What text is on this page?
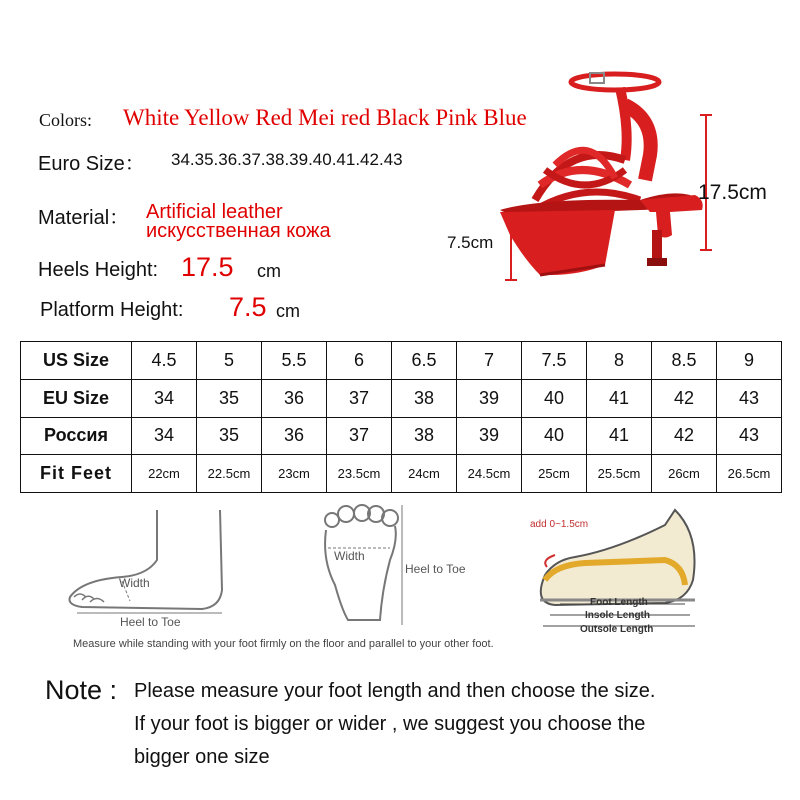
Colors: White Yellow Red Mei red Black Pink Blue
Euro Size： 34.35.36.37.38.39.40.41.42.43
Material： Artificial leather
искусственная кожа
Heels Height: 17.5 cm
Platform Height: 7.5 cm
17.5cm
7.5cm
US Size	4.5	5	5.5	6	6.5	7	7.5	8	8.5	9
EU Size	34	35	36	37	38	39	40	41	42	43
Россия	34	35	36	37	38	39	40	41	42	43
Fit Feet	22cm	22.5cm	23cm	23.5cm	24cm	24.5cm	25cm	25.5cm	26cm	26.5cm
Width
Heel to Toe
Width
Heel to Toe
add 0~1.5cm
Foot Length
Insole Length
Outsole Length
Measure while standing with your foot firmly on the floor and parallel to your other foot.
Note : Please measure your foot length and then choose the size.
If your foot is bigger or wider , we suggest you choose the
bigger one size
